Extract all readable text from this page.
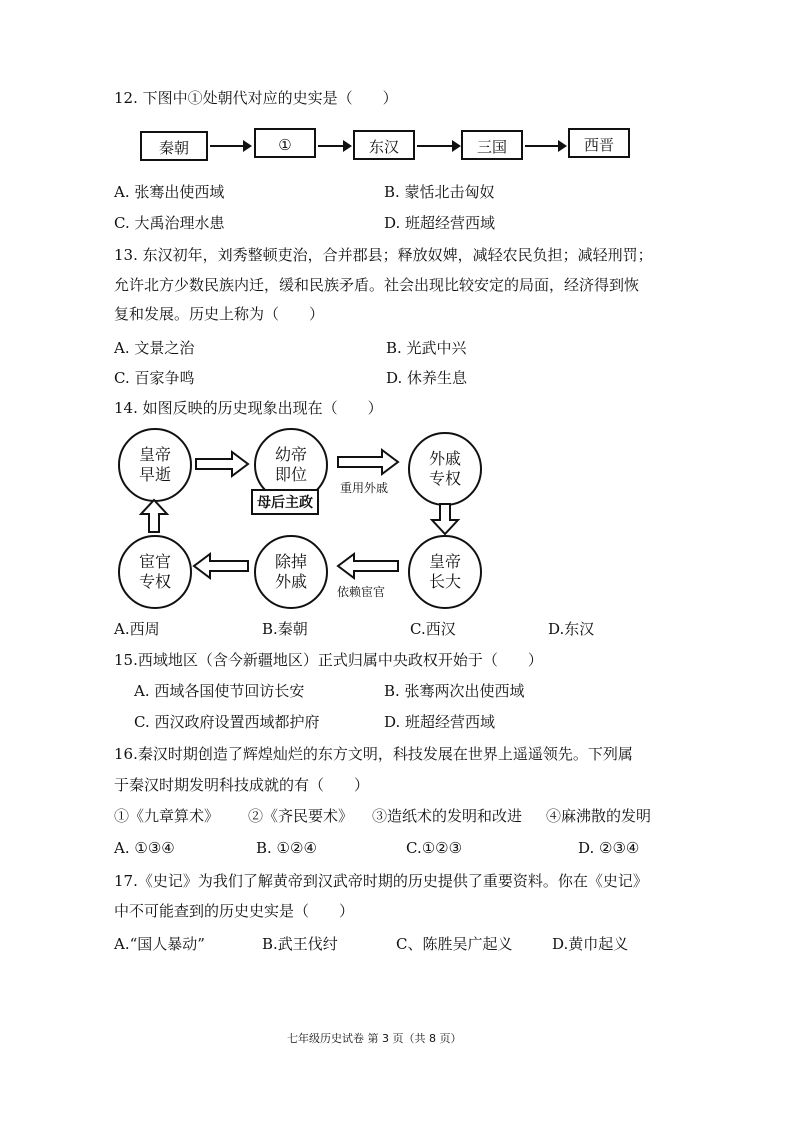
12. 下图中①处朝代对应的史实是（　　）
秦朝	①	东汉	三国	西晋
A. 张骞出使西域	B. 蒙恬北击匈奴
C. 大禹治理水患	D. 班超经营西域
13. 东汉初年，刘秀整顿吏治，合并郡县；释放奴婢，减轻农民负担；减轻刑罚；
允许北方少数民族内迁，缓和民族矛盾。社会出现比较安定的局面，经济得到恢
复和发展。历史上称为（　　）
A. 文景之治	B. 光武中兴
C. 百家争鸣	D. 休养生息
14. 如图反映的历史现象出现在（　　）
皇帝早逝
幼帝即位
外戚专权
皇帝长大
除掉外戚
宦官专权
母后主政
重用外戚
依赖宦官
A.西周	B.秦朝	C.西汉	D.东汉
15.西域地区（含今新疆地区）正式归属中央政权开始于（　　）
A. 西域各国使节回访长安	B. 张骞两次出使西域
C. 西汉政府设置西域都护府	D. 班超经营西域
16.秦汉时期创造了辉煌灿烂的东方文明，科技发展在世界上遥遥领先。下列属
于秦汉时期发明科技成就的有（　　）
①《九章算术》 ②《齐民要术》 ③造纸术的发明和改进 ④麻沸散的发明
A. ①③④	B. ①②④	C.①②③	D. ②③④
17.《史记》为我们了解黄帝到汉武帝时期的历史提供了重要资料。你在《史记》
中不可能查到的历史史实是（　　）
A.“国人暴动”	B.武王伐纣	C、陈胜吴广起义	D.黄巾起义
七年级历史试卷 第 3 页（共 8 页）
